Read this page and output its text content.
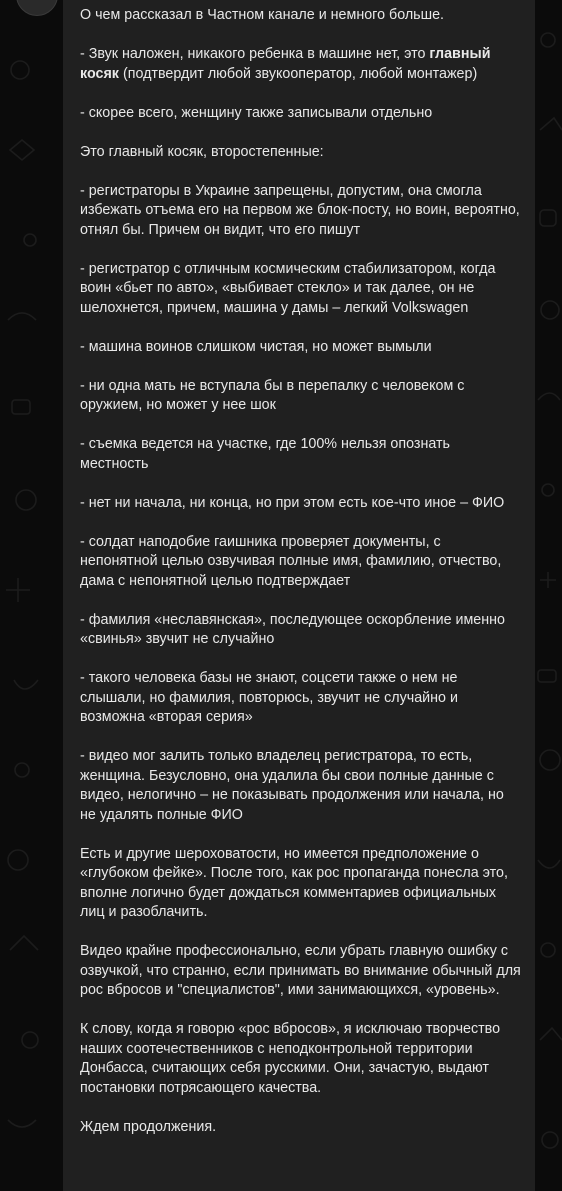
О чем рассказал в Частном канале и немного больше.

- Звук наложен, никакого ребенка в машине нет, это главный косяк (подтвердит любой звукооператор, любой монтажер)

- скорее всего, женщину также записывали отдельно

Это главный косяк, второстепенные:

- регистраторы в Украине запрещены, допустим, она смогла избежать отъема его на первом же блок-посту, но воин, вероятно, отнял бы. Причем он видит, что его пишут

- регистратор с отличным космическим стабилизатором, когда воин «бьет по авто», «выбивает стекло» и так далее, он не шелохнется, причем, машина у дамы – легкий Volkswagen

- машина воинов слишком чистая, но может вымыли

- ни одна мать не вступала бы в перепалку с человеком с оружием, но может у нее шок

- съемка ведется на участке, где 100% нельзя опознать местность

- нет ни начала, ни конца, но при этом есть кое-что иное – ФИО

- солдат наподобие гаишника проверяет документы, с непонятной целью озвучивая полные имя, фамилию, отчество, дама с непонятной целью подтверждает

- фамилия «неславянская», последующее оскорбление именно «свинья» звучит не случайно

- такого человека базы не знают, соцсети также о нем не слышали, но фамилия, повторюсь, звучит не случайно и возможна «вторая серия»

- видео мог залить только владелец регистратора, то есть, женщина. Безусловно, она удалила бы свои полные данные с видео, нелогично – не показывать продолжения или начала, но не удалять полные ФИО

Есть и другие шероховатости, но имеется предположение о «глубоком фейке». После того, как рос пропаганда понесла это, вполне логично будет дождаться комментариев официальных лиц и разоблачить.

Видео крайне профессионально, если убрать главную ошибку с озвучкой, что странно, если принимать во внимание обычный для рос вбросов и "специалистов", ими занимающихся, «уровень».

К слову, когда я говорю «рос вбросов», я исключаю творчество наших соотечественников с неподконтрольной территории Донбасса, считающих себя русскими. Они, зачастую, выдают постановки потрясающего качества.

Ждем продолжения.
